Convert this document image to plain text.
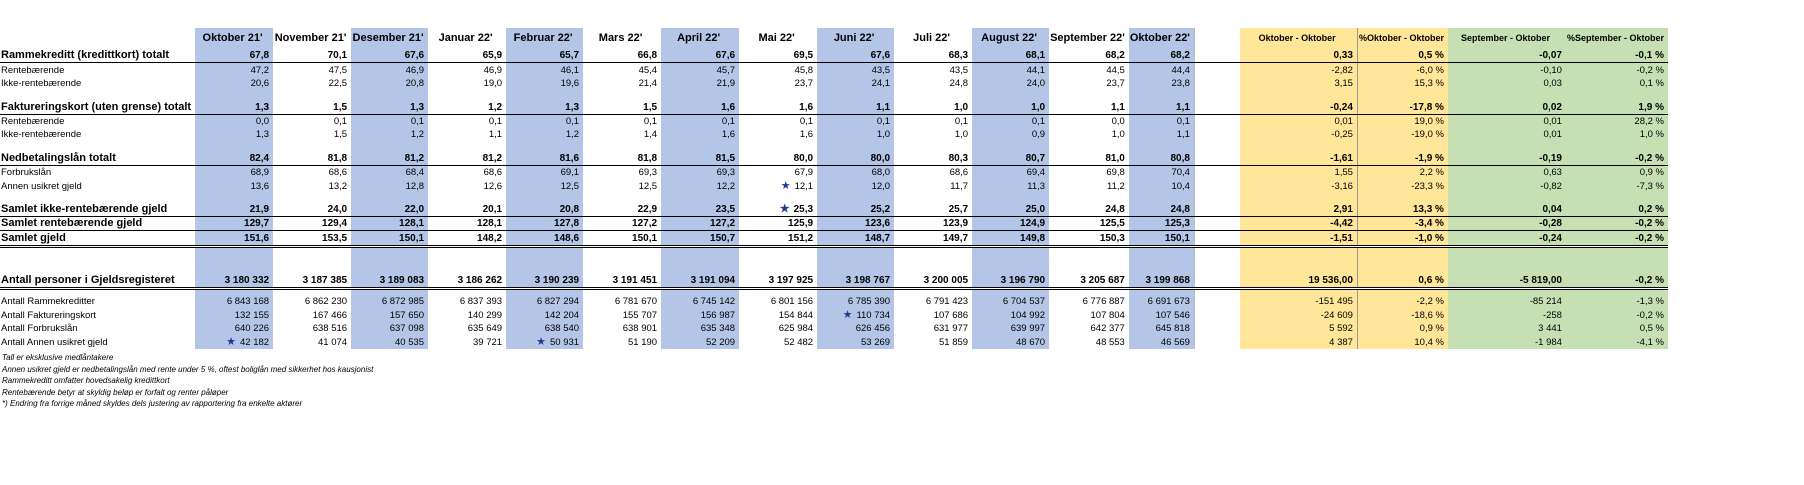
	Oktober 21'	November 21'	Desember 21'	Januar 22'	Februar 22'	Mars 22'	April 22'	Mai 22'	Juni 22'	Juli 22'	August 22'	September 22'	Oktober 22'		Oktober - Oktober	%Oktober - Oktober	September - Oktober	%September - Oktober
Rammekreditt (kredittkort) totalt	67,8	70,1	67,6	65,9	65,7	66,8	67,6	69,5	67,6	68,3	68,1	68,2	68,2		0,33	0,5 %	-0,07	-0,1 %
Rentebærende	47,2	47,5	46,9	46,9	46,1	45,4	45,7	45,8	43,5	43,5	44,1	44,5	44,4		-2,82	-6,0 %	-0,10	-0,2 %
Ikke-rentebærende	20,6	22,5	20,8	19,0	19,6	21,4	21,9	23,7	24,1	24,8	24,0	23,7	23,8		3,15	15,3 %	0,03	0,1 %

Faktureringskort (uten grense) totalt	1,3	1,5	1,3	1,2	1,3	1,5	1,6	1,6	1,1	1,0	1,0	1,1	1,1		-0,24	-17,8 %	0,02	1,9 %
Rentebærende	0,0	0,1	0,1	0,1	0,1	0,1	0,1	0,1	0,1	0,1	0,1	0,0	0,1		0,01	19,0 %	0,01	28,2 %
Ikke-rentebærende	1,3	1,5	1,2	1,1	1,2	1,4	1,6	1,6	1,0	1,0	0,9	1,0	1,1		-0,25	-19,0 %	0,01	1,0 %

Nedbetalingslån totalt	82,4	81,8	81,2	81,2	81,6	81,8	81,5	80,0	80,0	80,3	80,7	81,0	80,8		-1,61	-1,9 %	-0,19	-0,2 %
Forbrukslån	68,9	68,6	68,4	68,6	69,1	69,3	69,3	67,9	68,0	68,6	69,4	69,8	70,4		1,55	2,2 %	0,63	0,9 %
Annen usikret gjeld	13,6	13,2	12,8	12,6	12,5	12,5	12,2	★ 12,1	12,0	11,7	11,3	11,2	10,4		-3,16	-23,3 %	-0,82	-7,3 %

Samlet ikke-rentebærende gjeld	21,9	24,0	22,0	20,1	20,8	22,9	23,5	★ 25,3	25,2	25,7	25,0	24,8	24,8		2,91	13,3 %	0,04	0,2 %
Samlet rentebærende gjeld	129,7	129,4	128,1	128,1	127,8	127,2	127,2	125,9	123,6	123,9	124,9	125,5	125,3		-4,42	-3,4 %	-0,28	-0,2 %
Samlet gjeld	151,6	153,5	150,1	148,2	148,6	150,1	150,7	151,2	148,7	149,7	149,8	150,3	150,1		-1,51	-1,0 %	-0,24	-0,2 %

Antall personer i Gjeldsregisteret	3 180 332	3 187 385	3 189 083	3 186 262	3 190 239	3 191 451	3 191 094	3 197 925	3 198 767	3 200 005	3 196 790	3 205 687	3 199 868		19 536,00	0,6 %	-5 819,00	-0,2 %

Antall Rammekreditter	6 843 168	6 862 230	6 872 985	6 837 393	6 827 294	6 781 670	6 745 142	6 801 156	6 785 390	6 791 423	6 704 537	6 776 887	6 691 673		-151 495	-2,2 %	-85 214	-1,3 %
Antall Faktureringskort	132 155	167 466	157 650	140 299	142 204	155 707	156 987	154 844	★ 110 734	107 686	104 992	107 804	107 546		-24 609	-18,6 %	-258	-0,2 %
Antall Forbrukslån	640 226	638 516	637 098	635 649	638 540	638 901	635 348	625 984	626 456	631 977	639 997	642 377	645 818		5 592	0,9 %	3 441	0,5 %
Antall Annen usikret gjeld	★ 42 182	41 074	40 535	39 721	★ 50 931	51 190	52 209	52 482	53 269	51 859	48 670	48 553	46 569		4 387	10,4 %	-1 984	-4,1 %
Tall er eksklusive medlåntakere
Annen usikret gjeld er nedbetalingslån med rente under 5 %, oftest boliglån med sikkerhet hos kausjonist
Rammekreditt omfatter hovedsakelig kredittkort
Rentebærende betyr at skyldig beløp er forfalt og renter påløper
*) Endring fra forrige måned skyldes dels justering av rapportering fra enkelte aktører
